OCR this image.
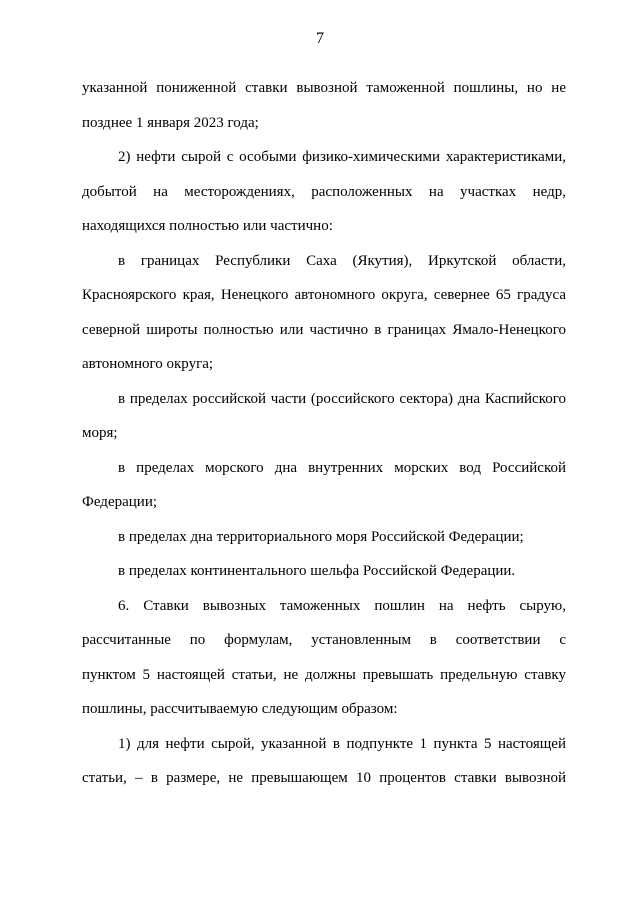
7
указанной пониженной ставки вывозной таможенной пошлины, но не
позднее 1 января 2023 года;
2) нефти сырой с особыми физико-химическими характеристиками,
добытой на месторождениях, расположенных на участках недр,
находящихся полностью или частично:
в границах Республики Саха (Якутия), Иркутской области,
Красноярского края, Ненецкого автономного округа, севернее 65 градуса
северной широты полностью или частично в границах Ямало-Ненецкого
автономного округа;
в пределах российской части (российского сектора) дна Каспийского
моря;
в пределах морского дна внутренних морских вод Российской
Федерации;
в пределах дна территориального моря Российской Федерации;
в пределах континентального шельфа Российской Федерации.
6. Ставки вывозных таможенных пошлин на нефть сырую,
рассчитанные по формулам, установленным в соответствии с
пунктом 5 настоящей статьи, не должны превышать предельную ставку
пошлины, рассчитываемую следующим образом:
1) для нефти сырой, указанной в подпункте 1 пункта 5 настоящей
статьи, – в размере, не превышающем 10 процентов ставки вывозной
